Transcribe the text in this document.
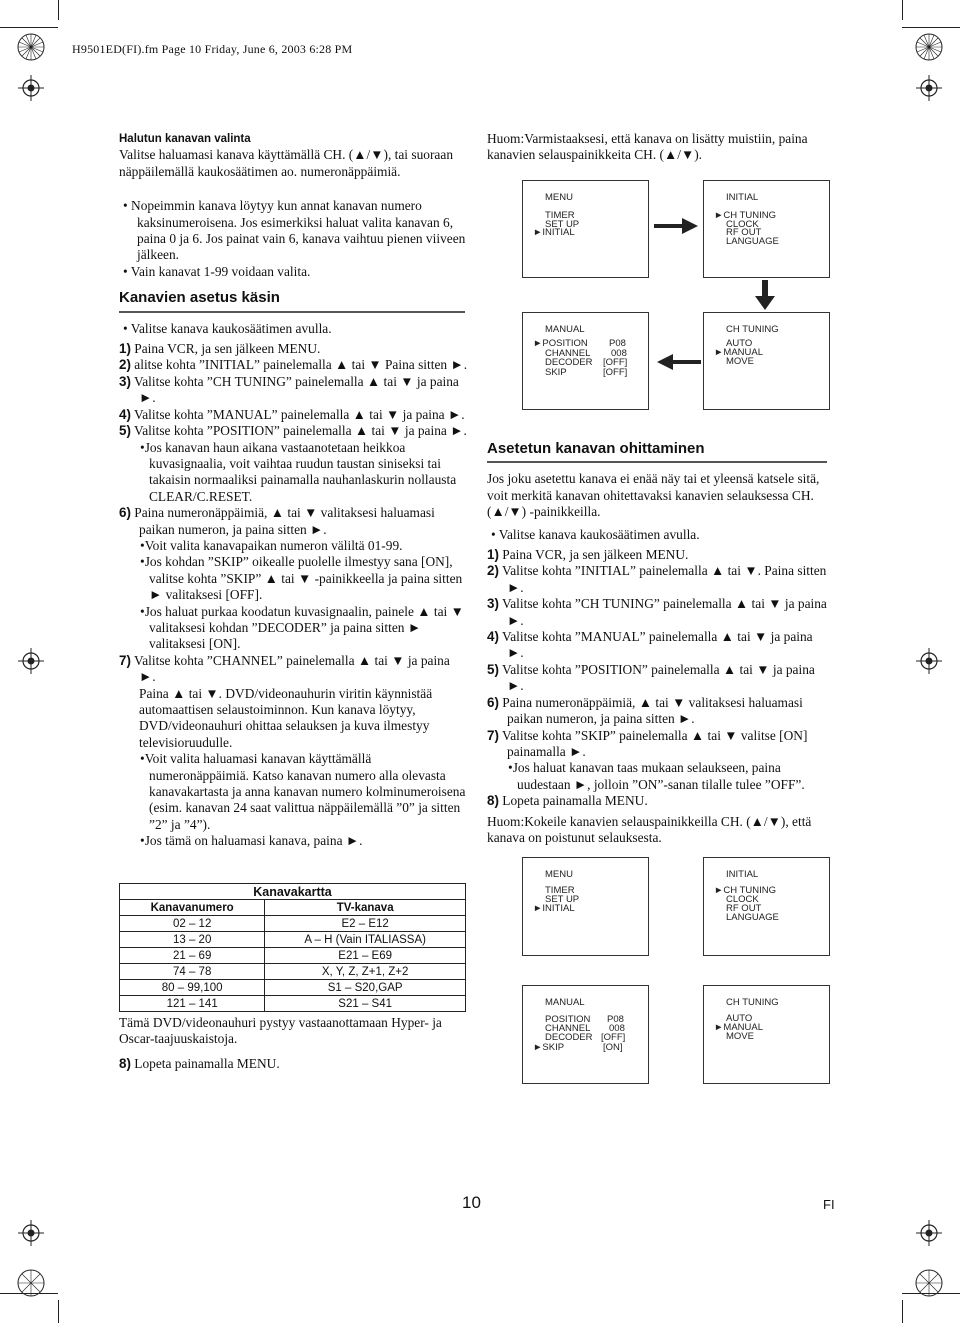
H9501ED(FI).fm Page 10 Friday, June 6, 2003 6:28 PM
Halutun kanavan valinta
Valitse haluamasi kanava käyttämällä CH. (▲/▼), tai suoraan
näppäilemällä kaukosäätimen ao. numeronäppäimiä.
• Nopeimmin kanava löytyy kun annat kanavan numero kaksinumeroisena. Jos esimerkiksi haluat valita kanavan 6, paina 0 ja 6. Jos painat vain 6, kanava vaihtuu pienen viiveen jälkeen.
• Vain kanavat 1-99 voidaan valita.
Kanavien asetus käsin
• Valitse kanava kaukosäätimen avulla.
1) Paina VCR, ja sen jälkeen MENU.
2) alitse kohta ”INITIAL” painelemalla ▲ tai ▼ Paina sitten ►.
3) Valitse kohta ”CH TUNING” painelemalla ▲ tai ▼ ja paina ►.
4) Valitse kohta ”MANUAL” painelemalla ▲ tai ▼ ja paina ►.
5) Valitse kohta ”POSITION” painelemalla ▲ tai ▼ ja paina ►.
•Jos kanavan haun aikana vastaanotetaan heikkoa kuvasignaalia, voit vaihtaa ruudun taustan siniseksi tai takaisin normaaliksi painamalla nauhanlaskurin nollausta CLEAR/C.RESET.
6) Paina numeronäppäimiä, ▲ tai ▼ valitaksesi haluamasi paikan numeron, ja paina sitten ►.
•Voit valita kanavapaikan numeron väliltä 01-99.
•Jos kohdan ”SKIP” oikealle puolelle ilmestyy sana [ON], valitse kohta ”SKIP” ▲ tai ▼ -painikkeella ja paina sitten ► valitaksesi [OFF].
•Jos haluat purkaa koodatun kuvasignaalin, painele ▲ tai ▼ valitaksesi kohdan ”DECODER” ja paina sitten ► valitaksesi [ON].
7) Valitse kohta ”CHANNEL” painelemalla ▲ tai ▼ ja paina ►.
Paina ▲ tai ▼. DVD/videonauhurin viritin käynnistää automaattisen selaustoiminnon. Kun kanava löytyy, DVD/videonauhuri ohittaa selauksen ja kuva ilmestyy televisioruudulle.
•Voit valita haluamasi kanavan käyttämällä numeronäppäimiä. Katso kanavan numero alla olevasta kanavakartasta ja anna kanavan numero kolminumeroisena (esim. kanavan 24 saat valittua näppäilemällä ”0” ja sitten ”2” ja ”4”).
•Jos tämä on haluamasi kanava, paina ►.
Kanavakartta	
Kanavanumero	TV-kanava
02 – 12	E2 – E12
13 – 20	A – H (Vain ITALIASSA)
21 – 69	E21 – E69
74 – 78	X, Y, Z, Z+1, Z+2
80 – 99,100	S1 – S20,GAP
121 – 141	S21 – S41
Tämä DVD/videonauhuri pystyy vastaanottamaan Hyper- ja Oscar-taajuuskaistoja.
8) Lopeta painamalla MENU.
Huom:Varmistaaksesi, että kanava on lisätty muistiin, paina kanavien selauspainikkeita CH. (▲/▼).
MENU
TIMER
SET UP
►INITIAL
INITIAL
►CH TUNING
CLOCK
RF OUT
LANGUAGE
MANUAL
►POSITION
CHANNEL
DECODER
SKIP
P08
008
[OFF]
[OFF]
CH TUNING
AUTO
►MANUAL
MOVE
Asetetun kanavan ohittaminen
Jos joku asetettu kanava ei enää näy tai et yleensä katsele sitä, voit merkitä kanavan ohitettavaksi kanavien selauksessa CH. (▲/▼) -painikkeilla.
• Valitse kanava kaukosäätimen avulla.
1) Paina VCR, ja sen jälkeen MENU.
2) Valitse kohta ”INITIAL” painelemalla ▲ tai ▼. Paina sitten ►.
3) Valitse kohta ”CH TUNING” painelemalla ▲ tai ▼ ja paina ►.
4) Valitse kohta ”MANUAL” painelemalla ▲ tai ▼ ja paina ►.
5) Valitse kohta ”POSITION” painelemalla ▲ tai ▼ ja paina ►.
6) Paina numeronäppäimiä, ▲ tai ▼ valitaksesi haluamasi paikan numeron, ja paina sitten ►.
7) Valitse kohta ”SKIP” painelemalla ▲ tai ▼ valitse [ON] painamalla ►.
•Jos haluat kanavan taas mukaan selaukseen, paina uudestaan ►, jolloin ”ON”-sanan tilalle tulee ”OFF”.
8) Lopeta painamalla MENU.
Huom:Kokeile kanavien selauspainikkeilla CH. (▲/▼), että kanava on poistunut selauksesta.
MENU
TIMER
SET UP
►INITIAL
INITIAL
►CH TUNING
CLOCK
RF OUT
LANGUAGE
MANUAL
POSITION
CHANNEL
DECODER
►SKIP
P08
008
[OFF]
[ON]
CH TUNING
AUTO
►MANUAL
MOVE
10	FI
